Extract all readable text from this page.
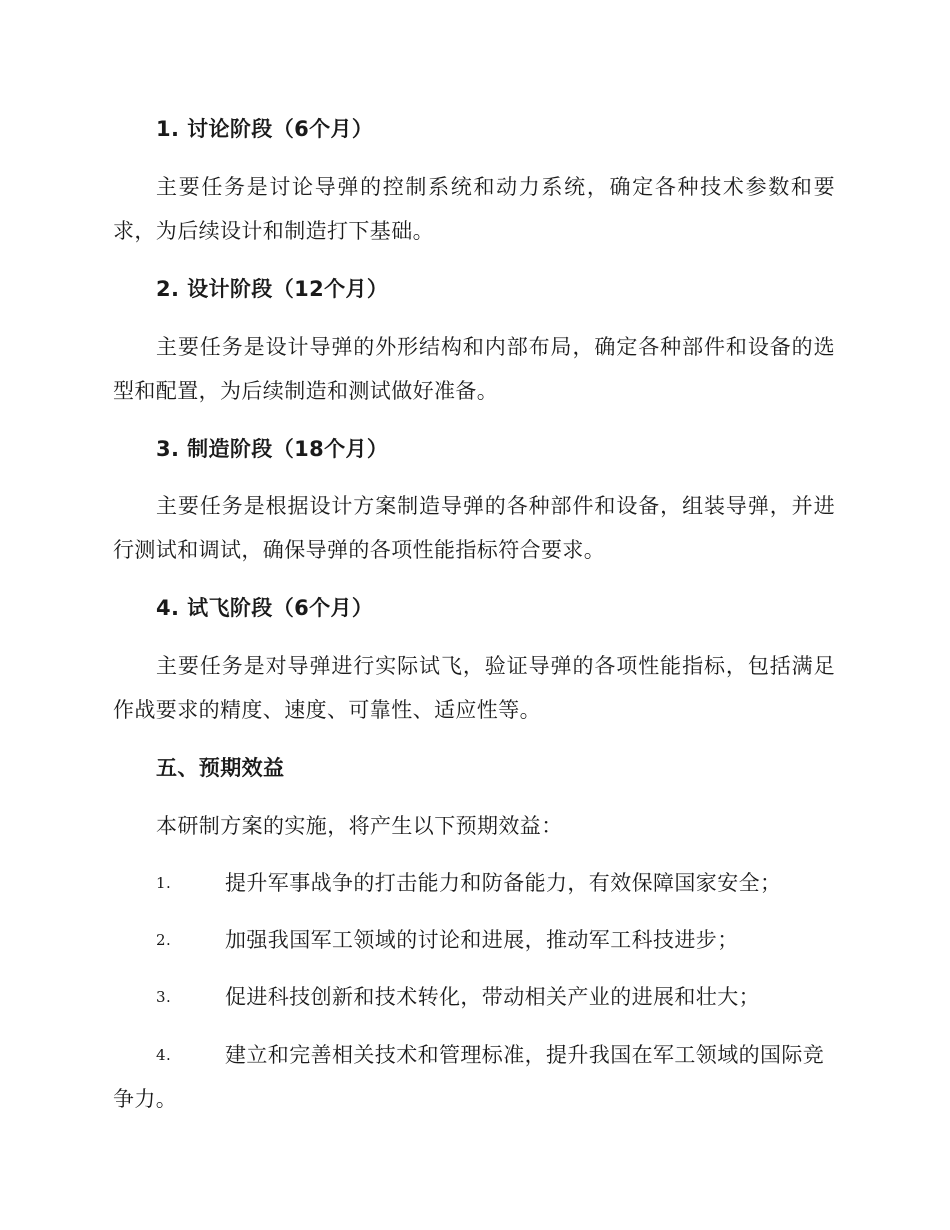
1. 讨论阶段（6个月）
主要任务是讨论导弹的控制系统和动力系统，确定各种技术参数和要求，为后续设计和制造打下基础。
2. 设计阶段（12个月）
主要任务是设计导弹的外形结构和内部布局，确定各种部件和设备的选型和配置，为后续制造和测试做好准备。
3. 制造阶段（18个月）
主要任务是根据设计方案制造导弹的各种部件和设备，组装导弹，并进行测试和调试，确保导弹的各项性能指标符合要求。
4. 试飞阶段（6个月）
主要任务是对导弹进行实际试飞，验证导弹的各项性能指标，包括满足作战要求的精度、速度、可靠性、适应性等。
五、预期效益
本研制方案的实施，将产生以下预期效益：
1.	提升军事战争的打击能力和防备能力，有效保障国家安全；
2.	加强我国军工领域的讨论和进展，推动军工科技进步；
3.	促进科技创新和技术转化，带动相关产业的进展和壮大；
4.	建立和完善相关技术和管理标准，提升我国在军工领域的国际竞争力。
